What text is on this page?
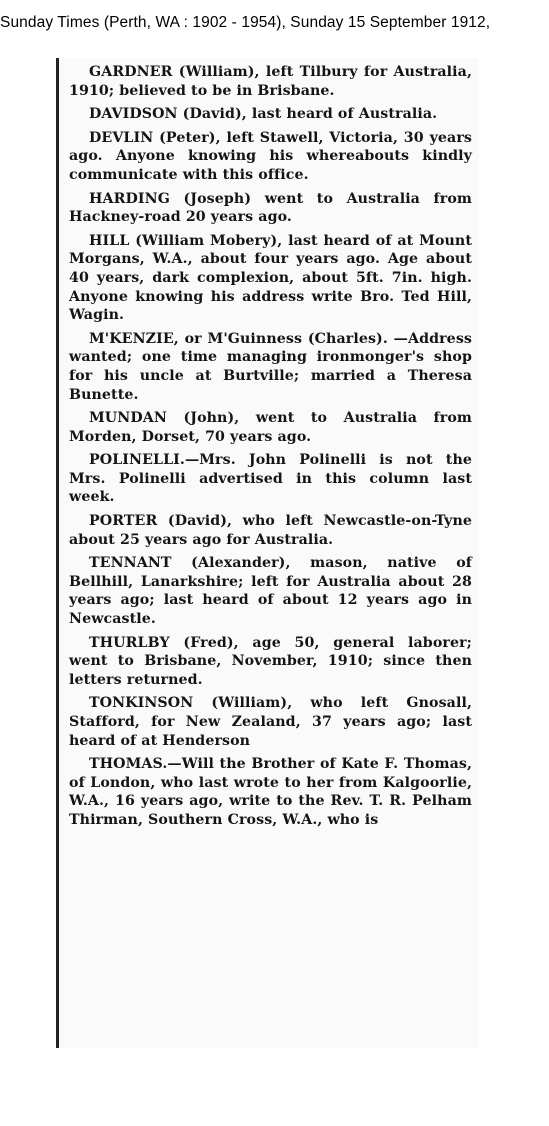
Sunday Times (Perth, WA : 1902 - 1954), Sunday 15 September 1912,

GARDNER (William), left Tilbury for Australia, 1910; believed to be in Brisbane.

DAVIDSON (David), last heard of Australia.

DEVLIN (Peter), left Stawell, Victoria, 30 years ago. Anyone knowing his whereabouts kindly communicate with this office.

HARDING (Joseph) went to Australia from Hackney-road 20 years ago.

HILL (William Mobery), last heard of at Mount Morgans, W.A., about four years ago. Age about 40 years, dark complexion, about 5ft. 7in. high. Anyone knowing his address write Bro. Ted Hill, Wagin.

M'KENZIE, or M'Guinness (Charles). —Address wanted; one time managing ironmonger's shop for his uncle at Burtville; married a Theresa Bunette.

MUNDAN (John), went to Australia from Morden, Dorset, 70 years ago.

POLINELLI.—Mrs. John Polinelli is not the Mrs. Polinelli advertised in this column last week.

PORTER (David), who left Newcastle-on-Tyne about 25 years ago for Australia.

TENNANT (Alexander), mason, native of Bellhill, Lanarkshire; left for Australia about 28 years ago; last heard of about 12 years ago in Newcastle.

THURLBY (Fred), age 50, general laborer; went to Brisbane, November, 1910; since then letters returned.

TONKINSON (William), who left Gnosall, Stafford, for New Zealand, 37 years ago; last heard of at Henderson

THOMAS.—Will the Brother of Kate F. Thomas, of London, who last wrote to her from Kalgoorlie, W.A., 16 years ago, write to the Rev. T. R. Pelham Thirman, Southern Cross, W.A., who is
